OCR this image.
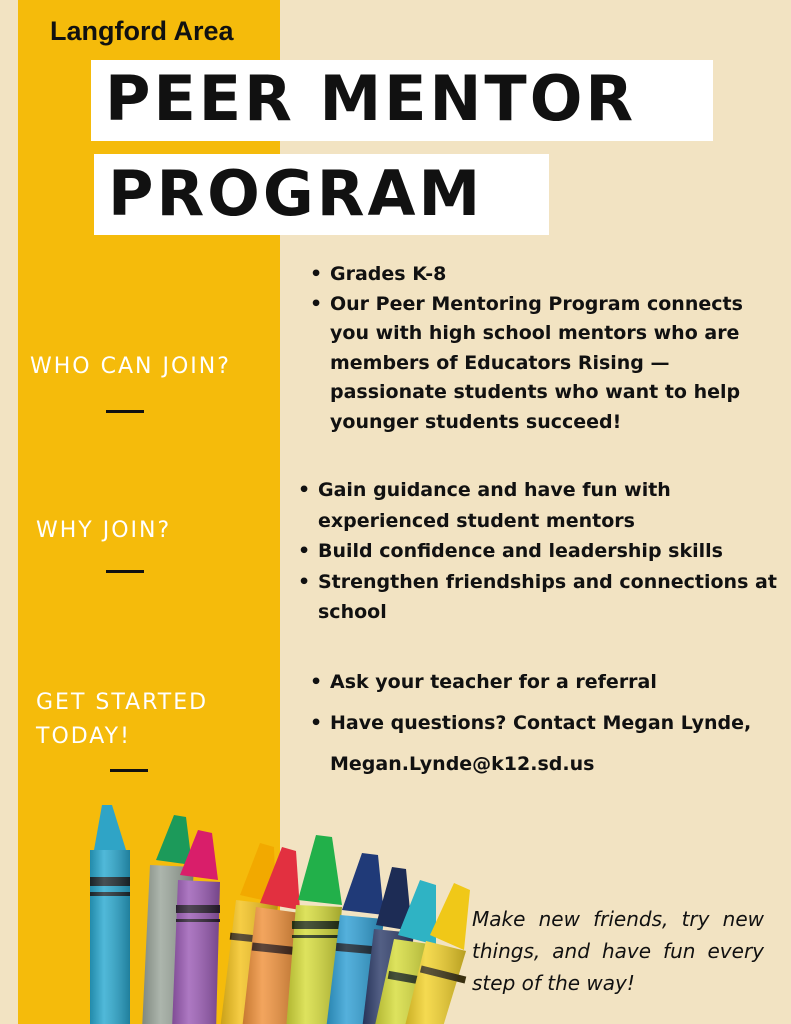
Langford Area
PEER MENTOR
PROGRAM
WHO CAN JOIN?
• Grades K-8
• Our Peer Mentoring Program connects you with high school mentors who are members of Educators Rising — passionate students who want to help younger students succeed!
WHY JOIN?
• Gain guidance and have fun with experienced student mentors
• Build confidence and leadership skills
• Strengthen friendships and connections at school
GET STARTED
TODAY!
• Ask your teacher for a referral
• Have questions? Contact Megan Lynde, Megan.Lynde@k12.sd.us
Make new friends, try new things, and have fun every step of the way!
